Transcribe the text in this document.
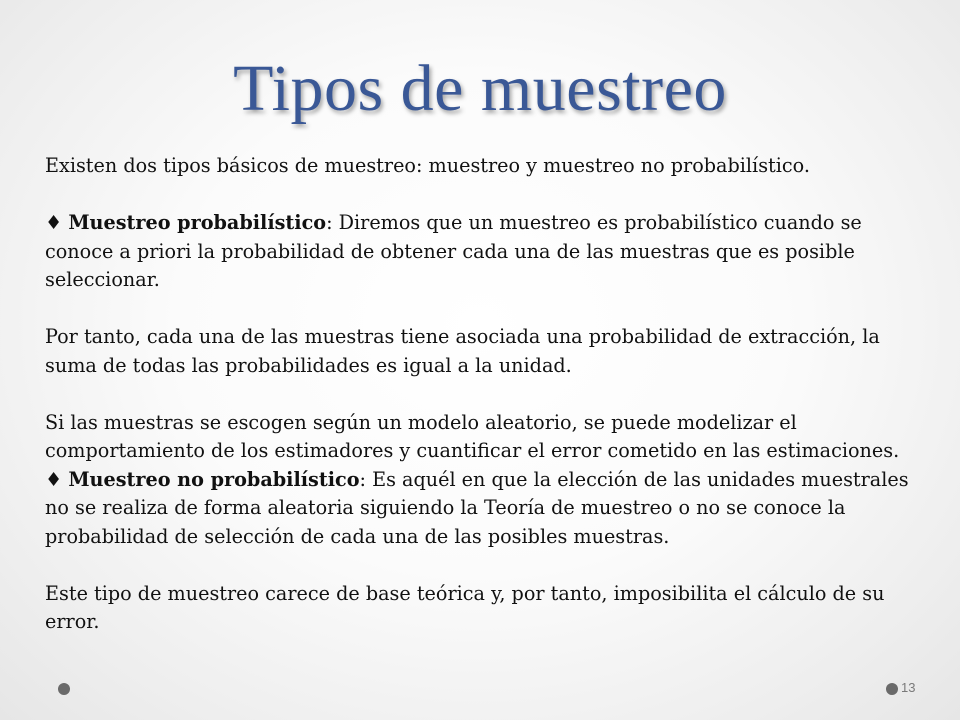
Tipos de muestreo

Existen dos tipos básicos de muestreo: muestreo y muestreo no probabilístico.

♦ Muestreo probabilístico: Diremos que un muestreo es probabilístico cuando se conoce a priori la probabilidad de obtener cada una de las muestras que es posible seleccionar.

Por tanto, cada una de las muestras tiene asociada una probabilidad de extracción, la suma de todas las probabilidades es igual a la unidad.

Si las muestras se escogen según un modelo aleatorio, se puede modelizar el comportamiento de los estimadores y cuantificar el error cometido en las estimaciones.

♦ Muestreo no probabilístico: Es aquél en que la elección de las unidades muestrales no se realiza de forma aleatoria siguiendo la Teoría de muestreo o no se conoce la probabilidad de selección de cada una de las posibles muestras.

Este tipo de muestreo carece de base teórica y, por tanto, imposibilita el cálculo de su error.

13
